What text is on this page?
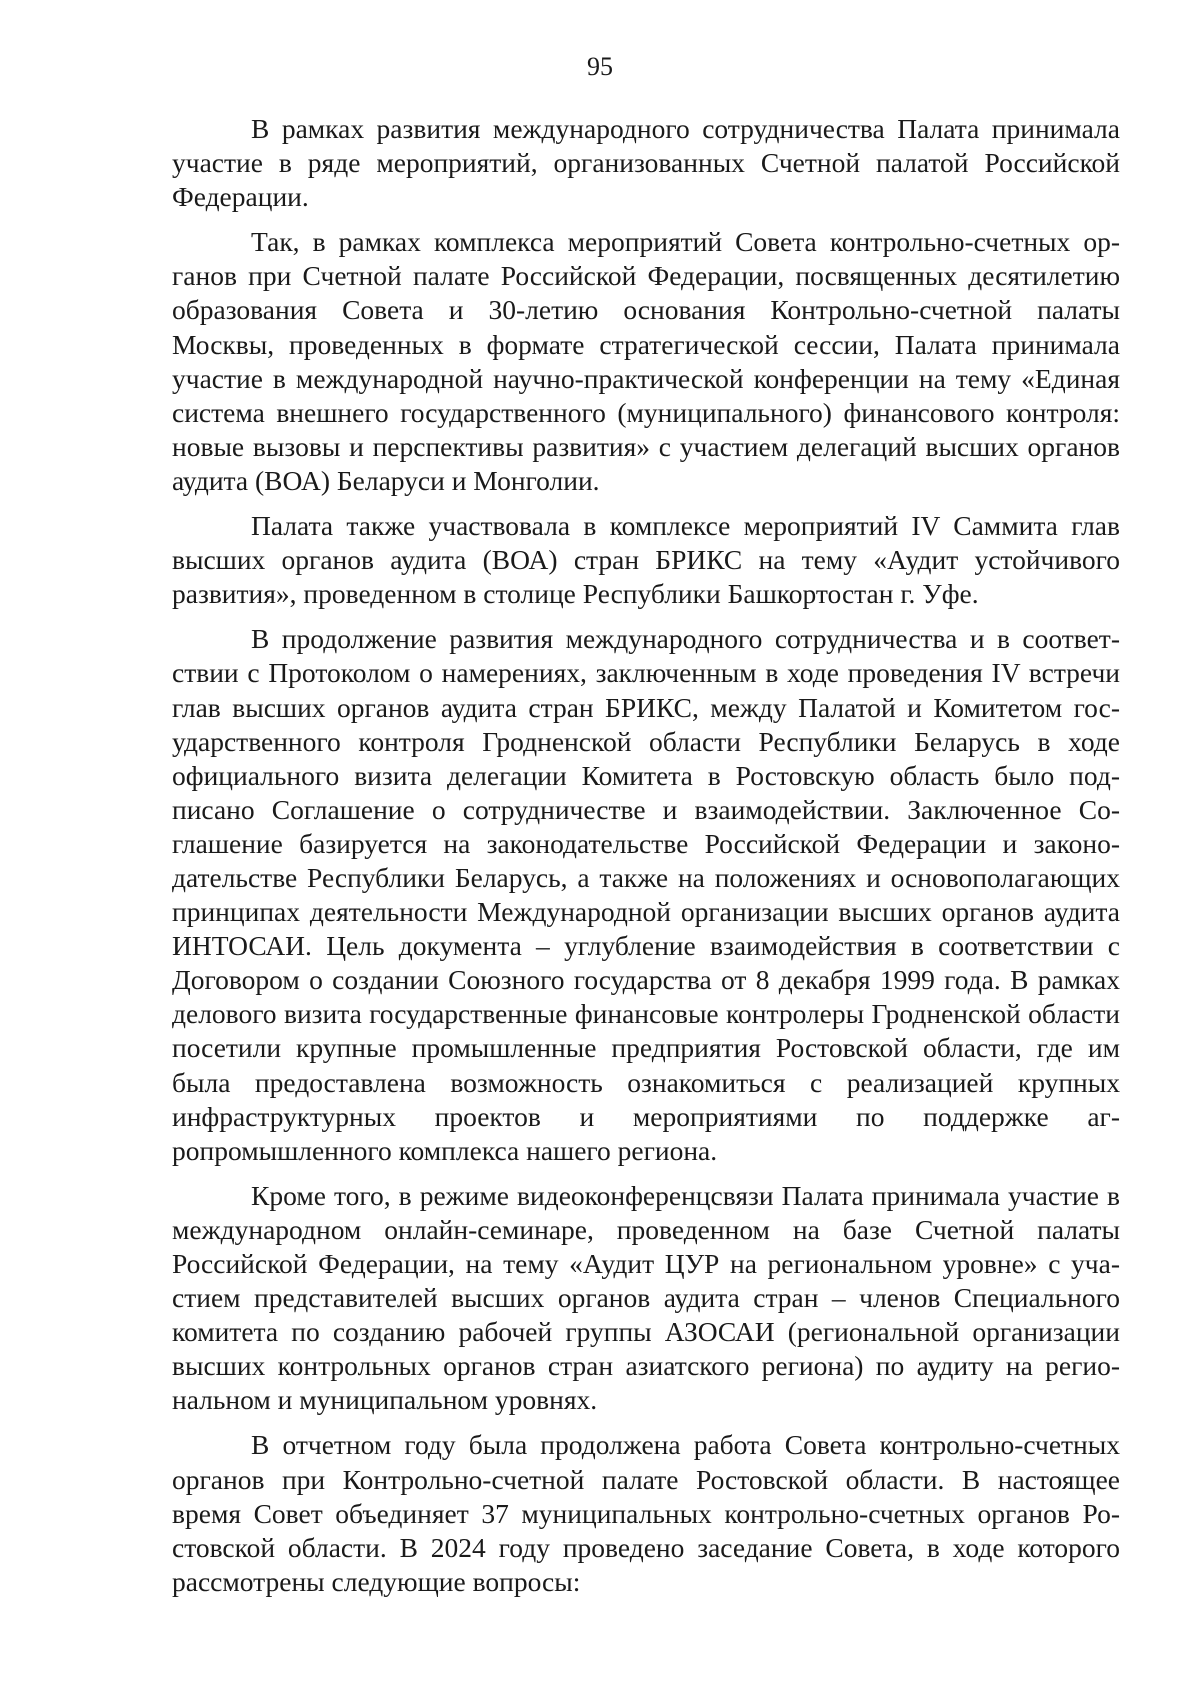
95

В рамках развития международного сотрудничества Палата принимала участие в ряде мероприятий, организованных Счетной палатой Российской Федерации.

Так, в рамках комплекса мероприятий Совета контрольно-счетных органов при Счетной палате Российской Федерации, посвященных десятилетию образования Совета и 30-летию основания Контрольно-счетной палаты Москвы, проведенных в формате стратегической сессии, Палата принимала участие в международной научно-практической конференции на тему «Единая система внешнего государственного (муниципального) финансового контроля: новые вызовы и перспективы развития» с участием делегаций высших органов аудита (ВОА) Беларуси и Монголии.

Палата также участвовала в комплексе мероприятий IV Саммита глав высших органов аудита (ВОА) стран БРИКС на тему «Аудит устойчивого развития», проведенном в столице Республики Башкортостан г. Уфе.

В продолжение развития международного сотрудничества и в соответствии с Протоколом о намерениях, заключенным в ходе проведения IV встречи глав высших органов аудита стран БРИКС, между Палатой и Комитетом государственного контроля Гродненской области Республики Беларусь в ходе официального визита делегации Комитета в Ростовскую область было подписано Соглашение о сотрудничестве и взаимодействии. Заключенное Соглашение базируется на законодательстве Российской Федерации и законодательстве Республики Беларусь, а также на положениях и основополагающих принципах деятельности Международной организации высших органов аудита ИНТОСАИ. Цель документа – углубление взаимодействия в соответствии с Договором о создании Союзного государства от 8 декабря 1999 года. В рамках делового визита государственные финансовые контролеры Гродненской области посетили крупные промышленные предприятия Ростовской области, где им была предоставлена возможность ознакомиться с реализацией крупных инфраструктурных проектов и мероприятиями по поддержке агропромышленного комплекса нашего региона.

Кроме того, в режиме видеоконференцсвязи Палата принимала участие в международном онлайн-семинаре, проведенном на базе Счетной палаты Российской Федерации, на тему «Аудит ЦУР на региональном уровне» с участием представителей высших органов аудита стран – членов Специального комитета по созданию рабочей группы АЗОСАИ (региональной организации высших контрольных органов стран азиатского региона) по аудиту на региональном и муниципальном уровнях.

В отчетном году была продолжена работа Совета контрольно-счетных органов при Контрольно-счетной палате Ростовской области. В настоящее время Совет объединяет 37 муниципальных контрольно-счетных органов Ростовской области. В 2024 году проведено заседание Совета, в ходе которого рассмотрены следующие вопросы:
